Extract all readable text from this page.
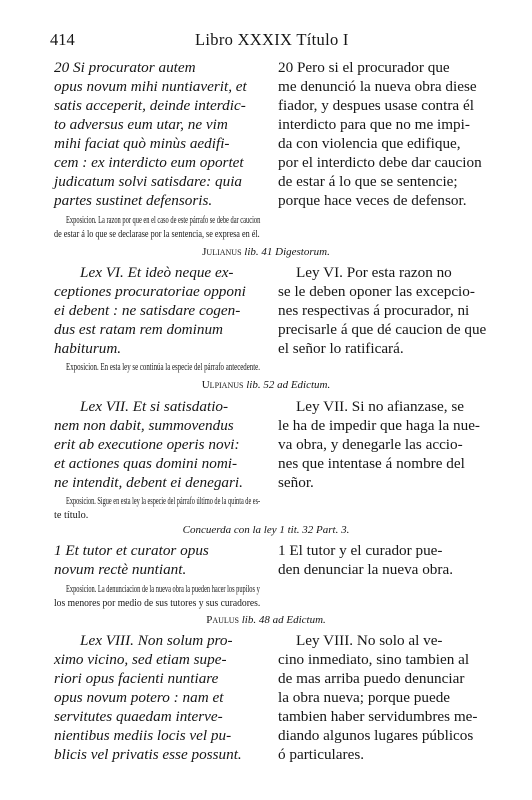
414	Libro XXXIX Título I
20 Si procurator autem
opus novum mihi nuntiaverit, et
satis acceperit, deinde interdic-
to adversus eum utar, ne vim
mihi faciat quò minùs aedifi-
cem : ex interdicto eum oportet
judicatum solvi satisdare: quia
partes sustinet defensoris.
20 Pero si el procurador que
me denunció la nueva obra diese
fiador, y despues usase contra él
interdicto para que no me impi-
da con violencia que edifique,
por el interdicto debe dar caucion
de estar á lo que se sentencie;
porque hace veces de defensor.
Exposicion. La razon por que en el caso de este párrafo se debe dar caucion
de estar á lo que se declarase por la sentencia, se expresa en él.
Julianus lib. 41 Digestorum.
Lex VI. Et ideò neque ex-
ceptiones procuratoriae opponi
ei debent : ne satisdare cogen-
dus est ratam rem dominum
habiturum.
Ley VI. Por esta razon no
se le deben oponer las excepcio-
nes respectivas á procurador, ni
precisarle á que dé caucion de que
el señor lo ratificará.
Exposicion. En esta ley se continúa la especie del párrafo antecedente.
Ulpianus lib. 52 ad Edictum.
Lex VII. Et si satisdatio-
nem non dabit, summovendus
erit ab executione operis novi:
et actiones quas domini nomi-
ne intendit, debent ei denegari.
Ley VII. Si no afianzase, se
le ha de impedir que haga la nue-
va obra, y denegarle las accio-
nes que intentase á nombre del
señor.
Exposicion. Sigue en esta ley la especie del párrafo último de la quinta de es-
te título.
Concuerda con la ley 1 tit. 32 Part. 3.
1 Et tutor et curator opus
novum rectè nuntiant.
1 El tutor y el curador pue-
den denunciar la nueva obra.
Exposicion. La denunciacion de la nueva obra la pueden hacer los pupilos y
los menores por medio de sus tutores y sus curadores.
Paulus lib. 48 ad Edictum.
Lex VIII. Non solum pro-
ximo vicino, sed etiam supe-
riori opus facienti nuntiare
opus novum potero : nam et
servitutes quaedam interve-
nientibus mediis locis vel pu-
blicis vel privatis esse possunt.
Ley VIII. No solo al ve-
cino inmediato, sino tambien al
de mas arriba puedo denunciar
la obra nueva; porque puede
tambien haber servidumbres me-
diando algunos lugares públicos
ó particulares.
